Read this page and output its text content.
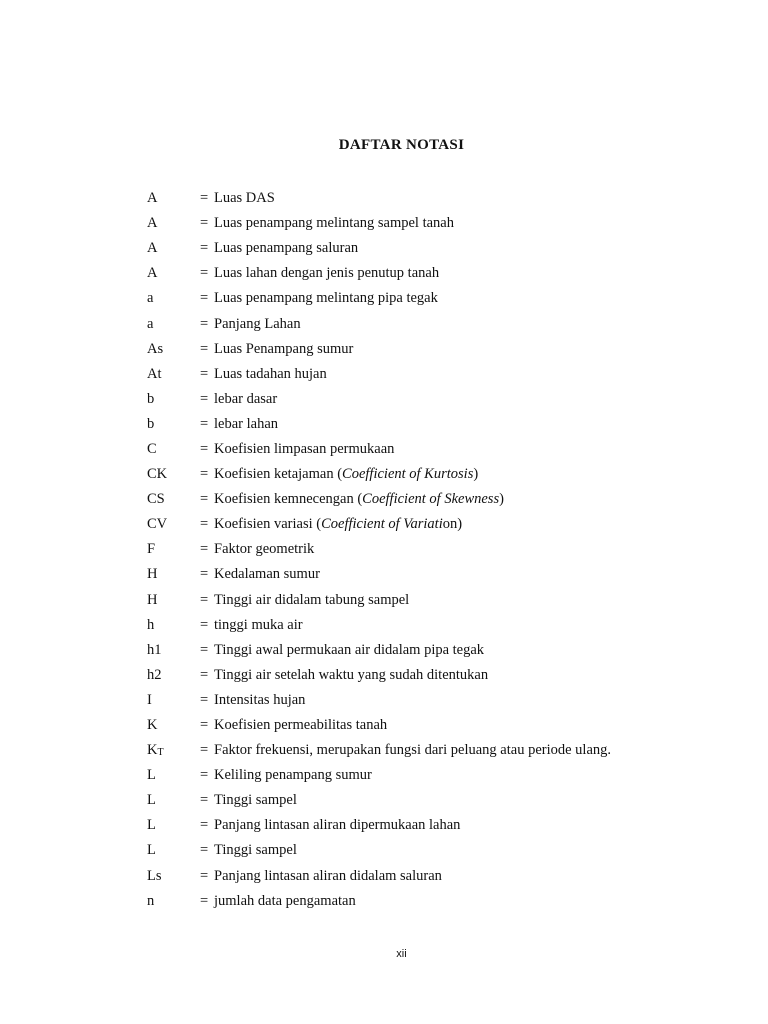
DAFTAR NOTASI
A	= Luas DAS
A	= Luas penampang melintang sampel tanah
A	= Luas penampang saluran
A	= Luas lahan dengan jenis penutup tanah
a	= Luas penampang melintang pipa tegak
a	= Panjang Lahan
As	= Luas Penampang sumur
At	= Luas tadahan hujan
b	= lebar dasar
b	= lebar lahan
C	= Koefisien limpasan permukaan
CK	= Koefisien ketajaman (Coefficient of Kurtosis)
CS	= Koefisien kemnecengan (Coefficient of Skewness)
CV	= Koefisien variasi (Coefficient of Variation)
F	= Faktor geometrik
H	= Kedalaman sumur
H	= Tinggi air didalam tabung sampel
h	= tinggi muka air
h1	= Tinggi awal permukaan air didalam pipa tegak
h2	= Tinggi air setelah waktu yang sudah ditentukan
I	= Intensitas hujan
K	= Koefisien permeabilitas tanah
KT	= Faktor frekuensi, merupakan fungsi dari peluang atau periode ulang.
L	= Keliling penampang sumur
L	= Tinggi sampel
L	= Panjang lintasan aliran dipermukaan lahan
L	= Tinggi sampel
Ls	= Panjang lintasan aliran didalam saluran
n	= jumlah data pengamatan
xii
